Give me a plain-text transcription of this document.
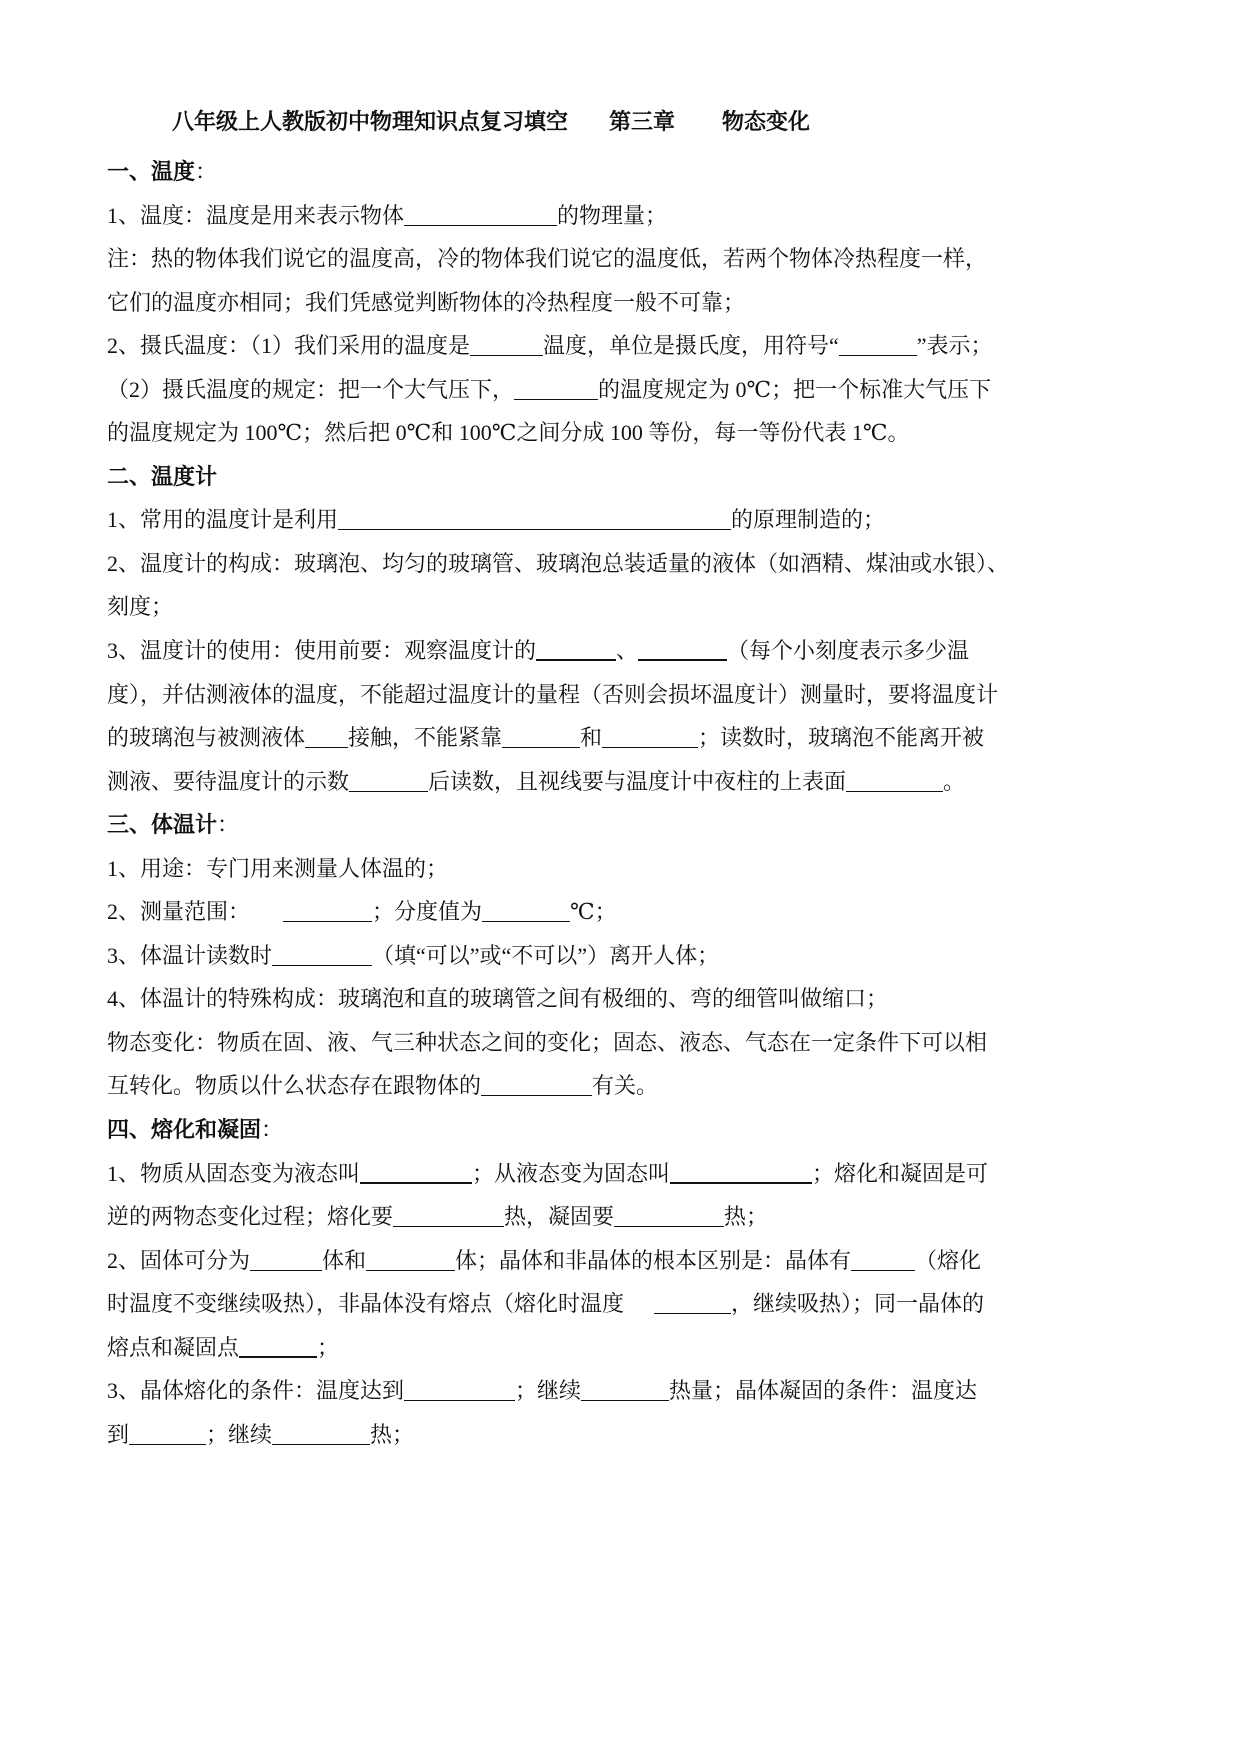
八年级上人教版初中物理知识点复习填空 第三章 物态变化
一、温度：
1、温度：温度是用来表示物体	的物理量；
注：热的物体我们说它的温度高，冷的物体我们说它的温度低，若两个物体冷热程度一样，
它们的温度亦相同；我们凭感觉判断物体的冷热程度一般不可靠；
2、摄氏温度：（1）我们采用的温度是	温度，单位是摄氏度，用符号“	”表示；
（2）摄氏温度的规定：把一个大气压下，	的温度规定为 0℃；把一个标准大气压下
的温度规定为 100℃；然后把 0℃和 100℃之间分成 100 等份，每一等份代表 1℃。
二、温度计
1、常用的温度计是利用	的原理制造的；
2、温度计的构成：玻璃泡、均匀的玻璃管、玻璃泡总装适量的液体（如酒精、煤油或水银）、
刻度；
3、温度计的使用：使用前要：观察温度计的	、	（每个小刻度表示多少温
度），并估测液体的温度，不能超过温度计的量程（否则会损坏温度计）测量时，要将温度计
的玻璃泡与被测液体 接触，不能紧靠	和	；读数时，玻璃泡不能离开被
测液、要待温度计的示数	后读数，且视线要与温度计中夜柱的上表面	。
三、体温计：
1、用途：专门用来测量人体温的；
2、测量范围：	；分度值为	℃；
3、体温计读数时	（填“可以”或“不可以”）离开人体；
4、体温计的特殊构成：玻璃泡和直的玻璃管之间有极细的、弯的细管叫做缩口；
物态变化：物质在固、液、气三种状态之间的变化；固态、液态、气态在一定条件下可以相
互转化。物质以什么状态存在跟物体的	有关。
四、熔化和凝固：
1、物质从固态变为液态叫	；从液态变为固态叫	；熔化和凝固是可
逆的两物态变化过程；熔化要	热，凝固要	热；
2、固体可分为	体和	体；晶体和非晶体的根本区别是：晶体有	（熔化
时温度不变继续吸热），非晶体没有熔点（熔化时温度	，继续吸热）；同一晶体的
熔点和凝固点	；
3、晶体熔化的条件：温度达到	；继续	热量；晶体凝固的条件：温度达
到	；继续	热；
